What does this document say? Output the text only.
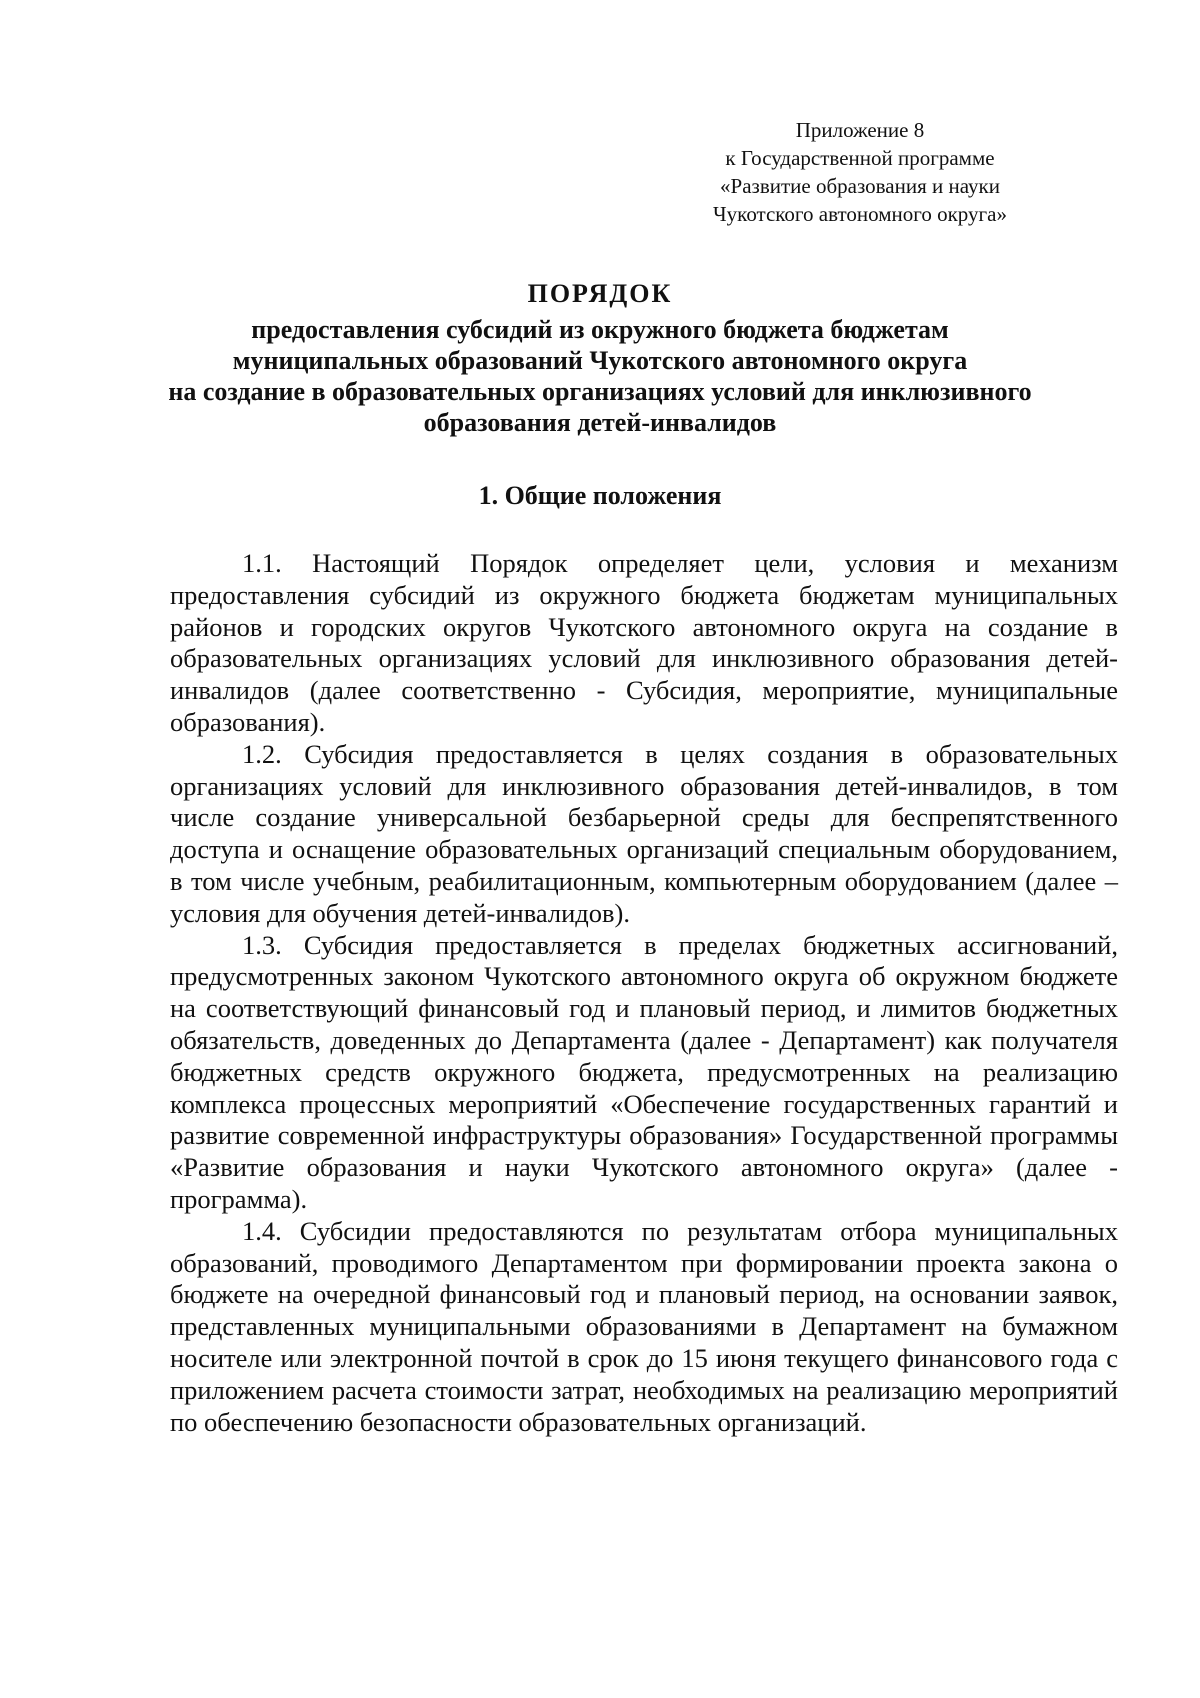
Приложение 8
к Государственной программе
«Развитие образования и науки
Чукотского автономного округа»
ПОРЯДОК
предоставления субсидий из окружного бюджета бюджетам
муниципальных образований Чукотского автономного округа
на создание в образовательных организациях условий для инклюзивного
образования детей-инвалидов
1. Общие положения

1.1. Настоящий Порядок определяет цели, условия и механизм предоставления субсидий из окружного бюджета бюджетам муниципальных районов и городских округов Чукотского автономного округа на создание в образовательных организациях условий для инклюзивного образования детей-инвалидов (далее соответственно - Субсидия, мероприятие, муниципальные образования).

1.2. Субсидия предоставляется в целях создания в образовательных организациях условий для инклюзивного образования детей-инвалидов, в том числе создание универсальной безбарьерной среды для беспрепятственного доступа и оснащение образовательных организаций специальным оборудованием, в том числе учебным, реабилитационным, компьютерным оборудованием (далее – условия для обучения детей-инвалидов).

1.3. Субсидия предоставляется в пределах бюджетных ассигнований, предусмотренных законом Чукотского автономного округа об окружном бюджете на соответствующий финансовый год и плановый период, и лимитов бюджетных обязательств, доведенных до Департамента (далее - Департамент) как получателя бюджетных средств окружного бюджета, предусмотренных на реализацию комплекса процессных мероприятий «Обеспечение государственных гарантий и развитие современной инфраструктуры образования» Государственной программы «Развитие образования и науки Чукотского автономного округа» (далее - программа).

1.4. Субсидии предоставляются по результатам отбора муниципальных образований, проводимого Департаментом при формировании проекта закона о бюджете на очередной финансовый год и плановый период, на основании заявок, представленных муниципальными образованиями в Департамент на бумажном носителе или электронной почтой в срок до 15 июня текущего финансового года с приложением расчета стоимости затрат, необходимых на реализацию мероприятий по обеспечению безопасности образовательных организаций.
